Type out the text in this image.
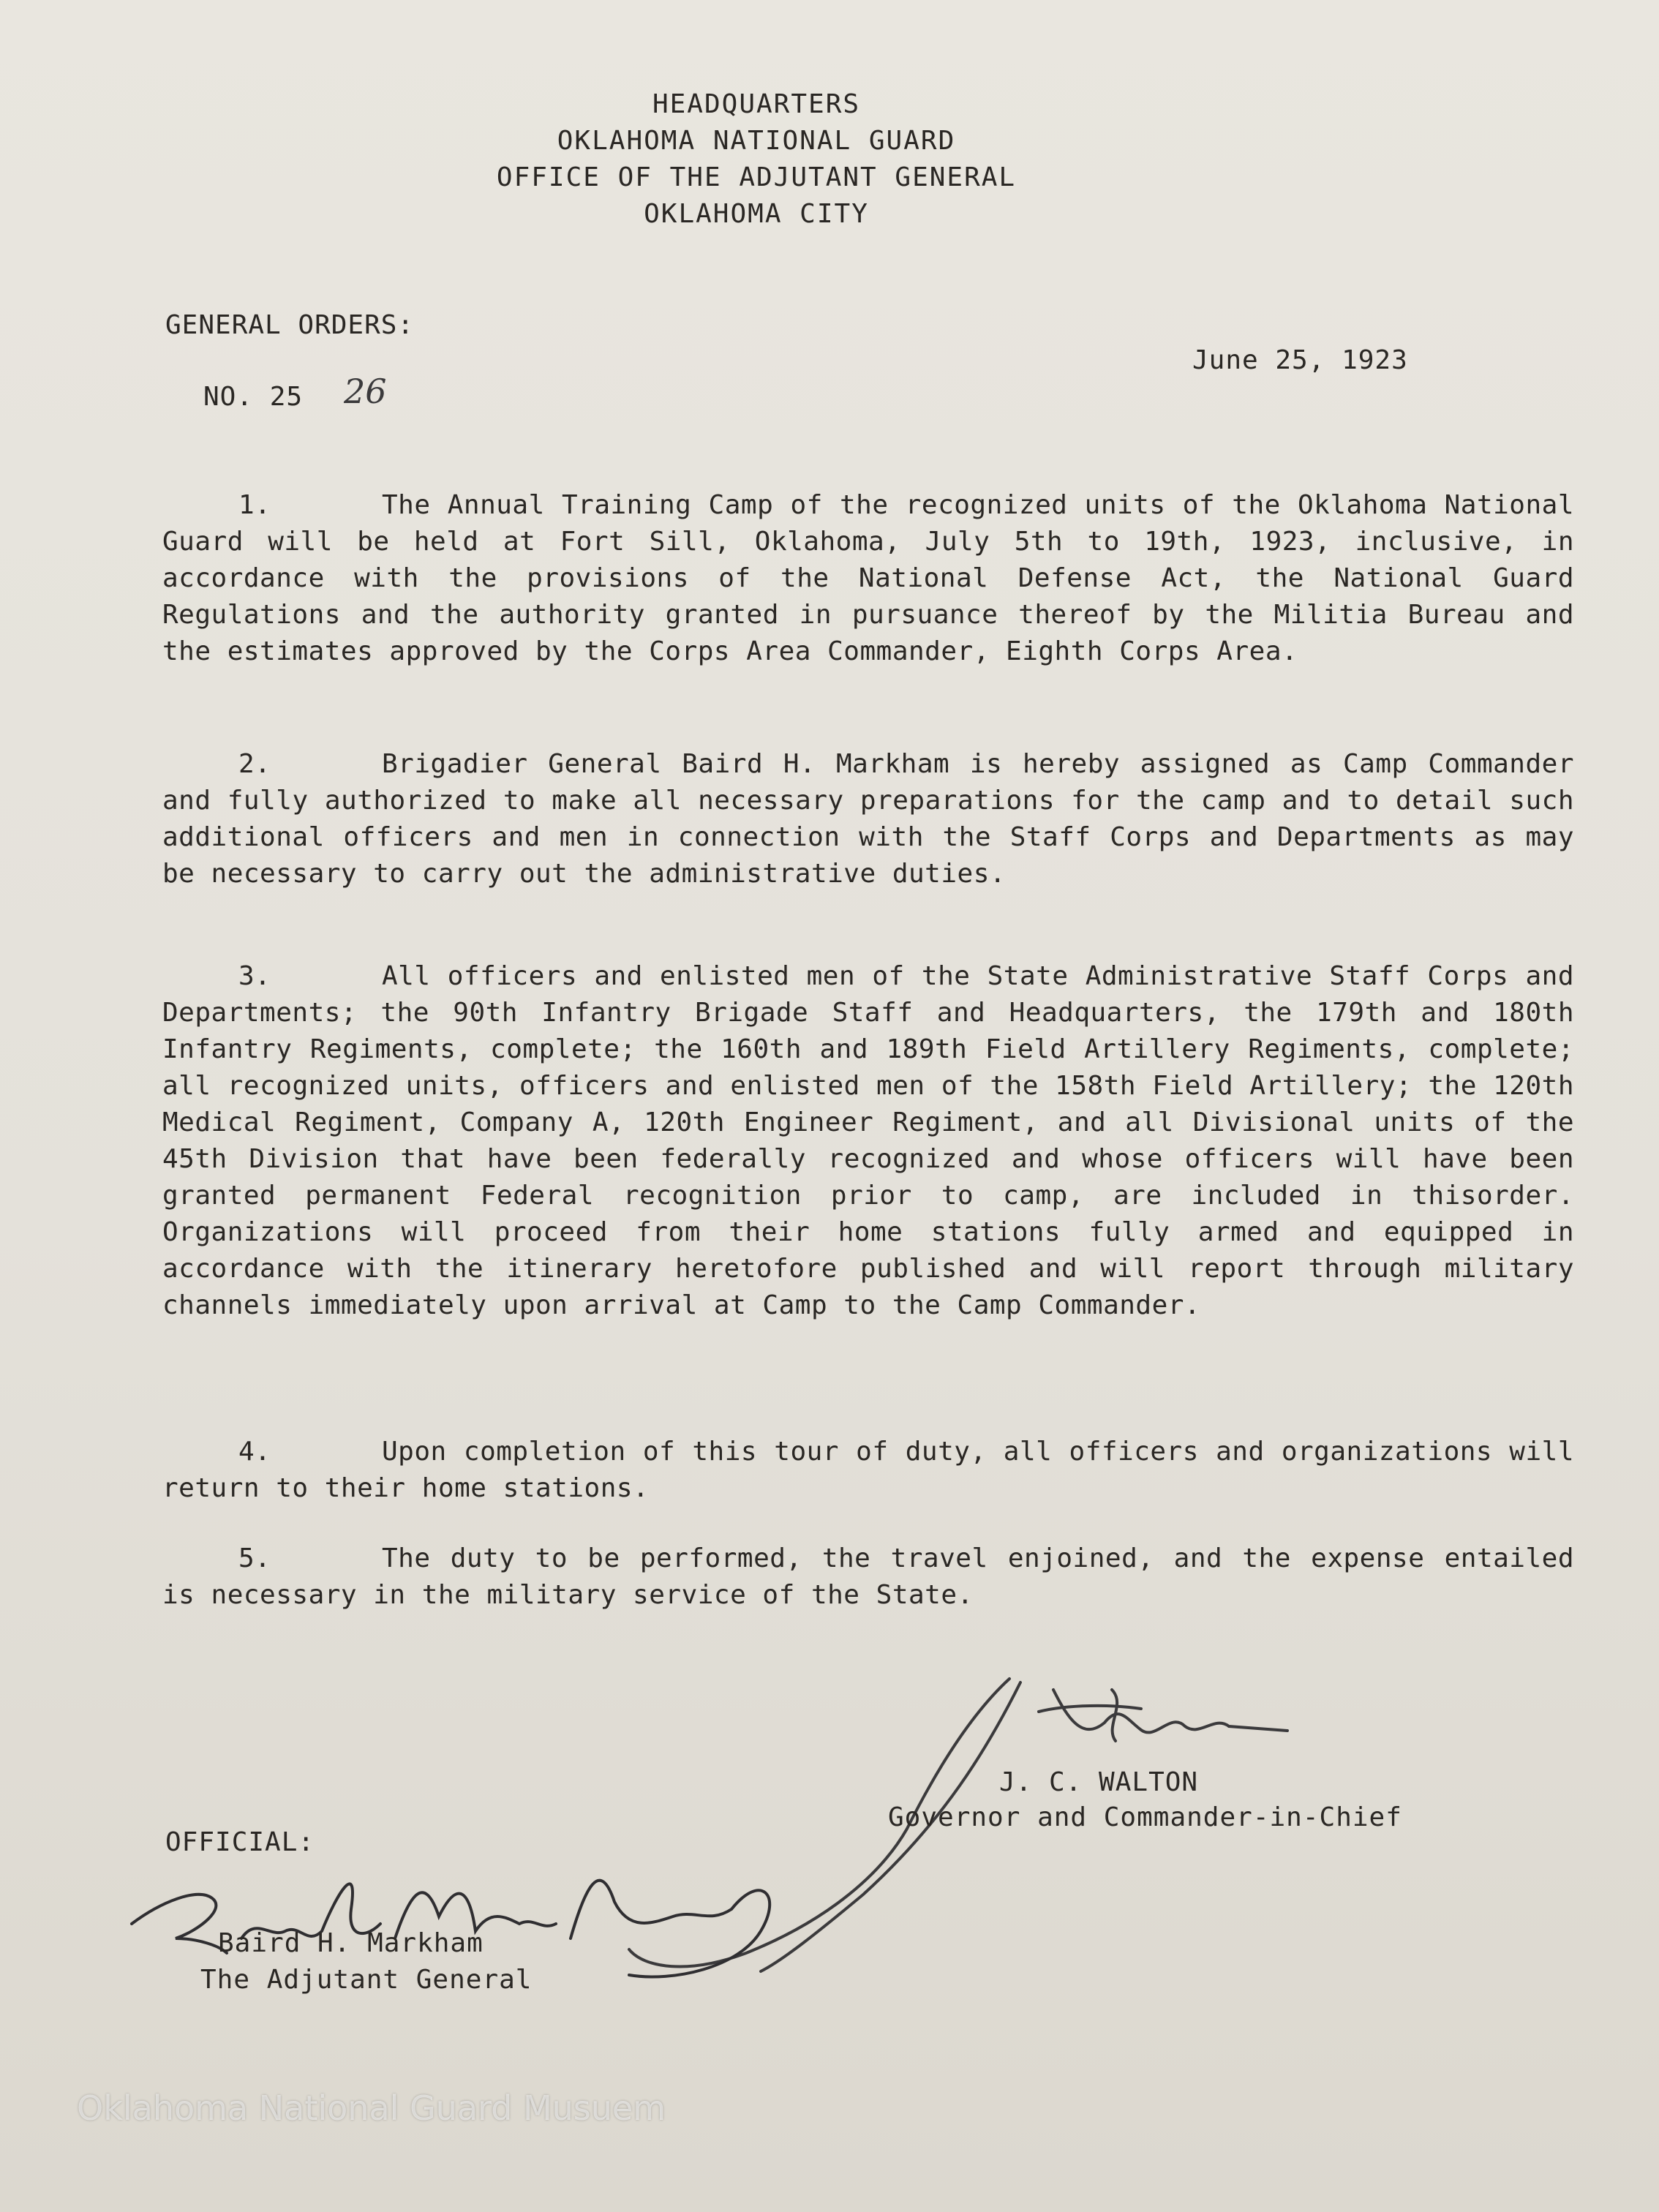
HEADQUARTERS
OKLAHOMA NATIONAL GUARD
OFFICE OF THE ADJUTANT GENERAL
OKLAHOMA CITY
GENERAL ORDERS:
June 25, 1923
NO. 25 26

1.	The Annual Training Camp of the recognized units of the Oklahoma National Guard will be held at Fort Sill, Oklahoma, July 5th to 19th, 1923, inclusive, in accordance with the provisions of the National Defense Act, the National Guard Regulations and the authority granted in pursuance thereof by the Militia Bureau and the estimates approved by the Corps Area Commander, Eighth Corps Area.

2.	Brigadier General Baird H. Markham is hereby assigned as Camp Commander and fully authorized to make all necessary preparations for the camp and to detail such additional officers and men in connection with the Staff Corps and Departments as may be necessary to carry out the administrative duties.

3.	All officers and enlisted men of the State Administrative Staff Corps and Departments; the 90th Infantry Brigade Staff and Headquarters, the 179th and 180th Infantry Regiments, complete; the 160th and 189th Field Artillery Regiments, complete; all recognized units, officers and enlisted men of the 158th Field Artillery; the 120th Medical Regiment, Company A, 120th Engineer Regiment, and all Divisional units of the 45th Division that have been federally recognized and whose officers will have been granted permanent Federal recognition prior to camp, are included in thisorder. Organizations will proceed from their home stations fully armed and equipped in accordance with the itinerary heretofore published and will report through military channels immediately upon arrival at Camp to the Camp Commander.

4.	Upon completion of this tour of duty, all officers and organizations will return to their home stations.

5.	The duty to be performed, the travel enjoined, and the expense entailed is necessary in the military service of the State.

J. C. WALTON
Governor and Commander-in-Chief
OFFICIAL:
Baird H. Markham
The Adjutant General
Oklahoma National Guard Musuem
